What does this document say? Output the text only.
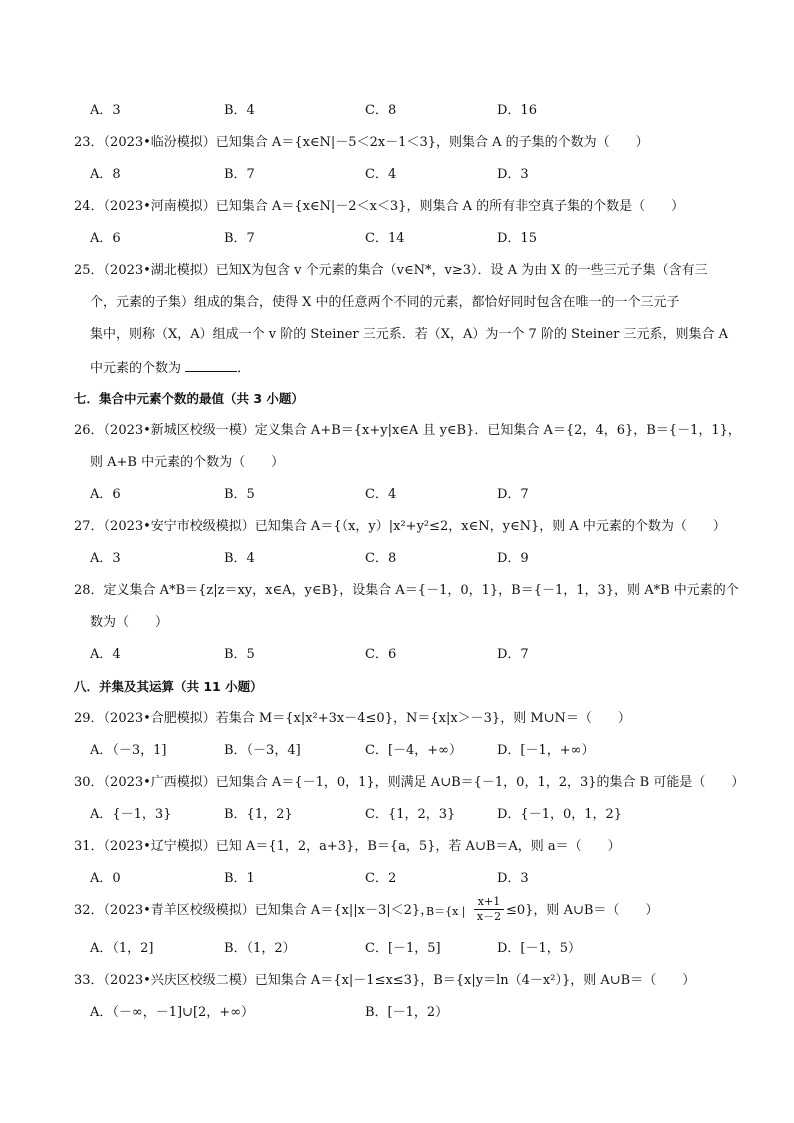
A．3	B．4	C．8	D．16
23．（2023•临汾模拟）已知集合 A＝{x∈N|－5＜2x－1＜3}，则集合 A 的子集的个数为（　　）
A．8	B．7	C．4	D．3
24．（2023•河南模拟）已知集合 A＝{x∈N|－2＜x＜3}，则集合 A 的所有非空真子集的个数是（　　）
A．6	B．7	C．14	D．15
25．（2023•湖北模拟）已知X为包含 v 个元素的集合（v∈N*，v≥3）．设 A 为由 X 的一些三元子集（含有三
个，元素的子集）组成的集合，使得 X 中的任意两个不同的元素，都恰好同时包含在唯一的一个三元子
集中，则称（X，A）组成一个 v 阶的 Steiner 三元系．若（X，A）为一个 7 阶的 Steiner 三元系，则集合 A
中元素的个数为	．
七．集合中元素个数的最值（共 3 小题）
26．（2023•新城区校级一模）定义集合 A+B＝{x+y|x∈A 且 y∈B}．已知集合 A＝{2，4，6}，B＝{－1，1}，
则 A+B 中元素的个数为（　　）
A．6	B．5	C．4	D．7
27．（2023•安宁市校级模拟）已知集合 A＝{（x，y）|x²+y²≤2，x∈N，y∈N}，则 A 中元素的个数为（　　）
A．3	B．4	C．8	D．9
28．定义集合 A*B＝{z|z＝xy，x∈A，y∈B}，设集合 A＝{－1，0，1}，B＝{－1，1，3}，则 A*B 中元素的个
数为（　　）
A．4	B．5	C．6	D．7
八．并集及其运算（共 11 小题）
29．（2023•合肥模拟）若集合 M＝{x|x²+3x－4≤0}，N＝{x|x＞－3}，则 M∪N＝（　　）
A．（－3，1]	B．（－3，4]	C．[－4，+∞）	D．[－1，+∞）
30．（2023•广西模拟）已知集合 A＝{－1，0，1}，则满足 A∪B＝{－1，0，1，2，3}的集合 B 可能是（　　）
A．{－1，3}	B．{1，2}	C．{1，2，3}	D．{－1，0，1，2}
31．（2023•辽宁模拟）已知 A＝{1，2，a+3}，B＝{a，5}，若 A∪B＝A，则 a＝（　　）
A．0	B．1	C．2	D．3
32．（2023•青羊区校级模拟）已知集合 A＝{x||x－3|＜2}，
B＝{x |
x+1
x－2 ≤0}，则 A∪B＝（　　）
A．（1，2]	B．（1，2）	C．[－1，5]	D．[－1，5）
33．（2023•兴庆区校级二模）已知集合 A＝{x|－1≤x≤3}，B＝{x|y＝ln（4－x²）}，则 A∪B＝（　　）
A．（－∞，－1]∪[2，+∞）	B．[－1，2）
